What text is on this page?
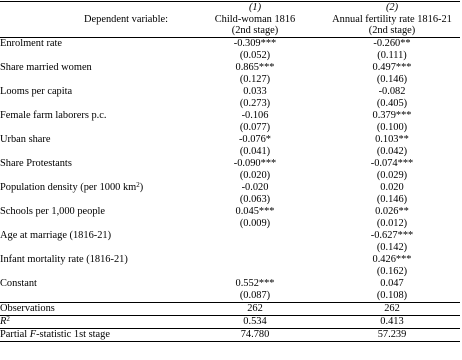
	(1)	(2)
Dependent variable:	Child-woman 1816	Annual fertility rate 1816-21
	(2nd stage)	(2nd stage)
Enrolment rate	-0.309***	-0.260**
	(0.052)	(0.111)
Share married women	0.865***	0.497***
	(0.127)	(0.146)
Looms per capita	0.033	-0.082
	(0.273)	(0.405)
Female farm laborers p.c.	-0.106	0.379***
	(0.077)	(0.100)
Urban share	-0.076*	0.103**
	(0.041)	(0.042)
Share Protestants	-0.090***	-0.074***
	(0.020)	(0.029)
Population density (per 1000 $km^2$)	-0.020	0.020
	(0.063)	(0.146)
Schools per 1,000 people	0.045***	0.026**
	(0.009)	(0.012)
Age at marriage (1816-21)		-0.627***
		(0.142)
Infant mortality rate (1816-21)		0.426***
		(0.162)
Constant	0.552***	0.047
	(0.087)	(0.108)
Observations	262	262
$R^2$	0.534	0.413
Partial F-statistic 1st stage	74.780	57.239
